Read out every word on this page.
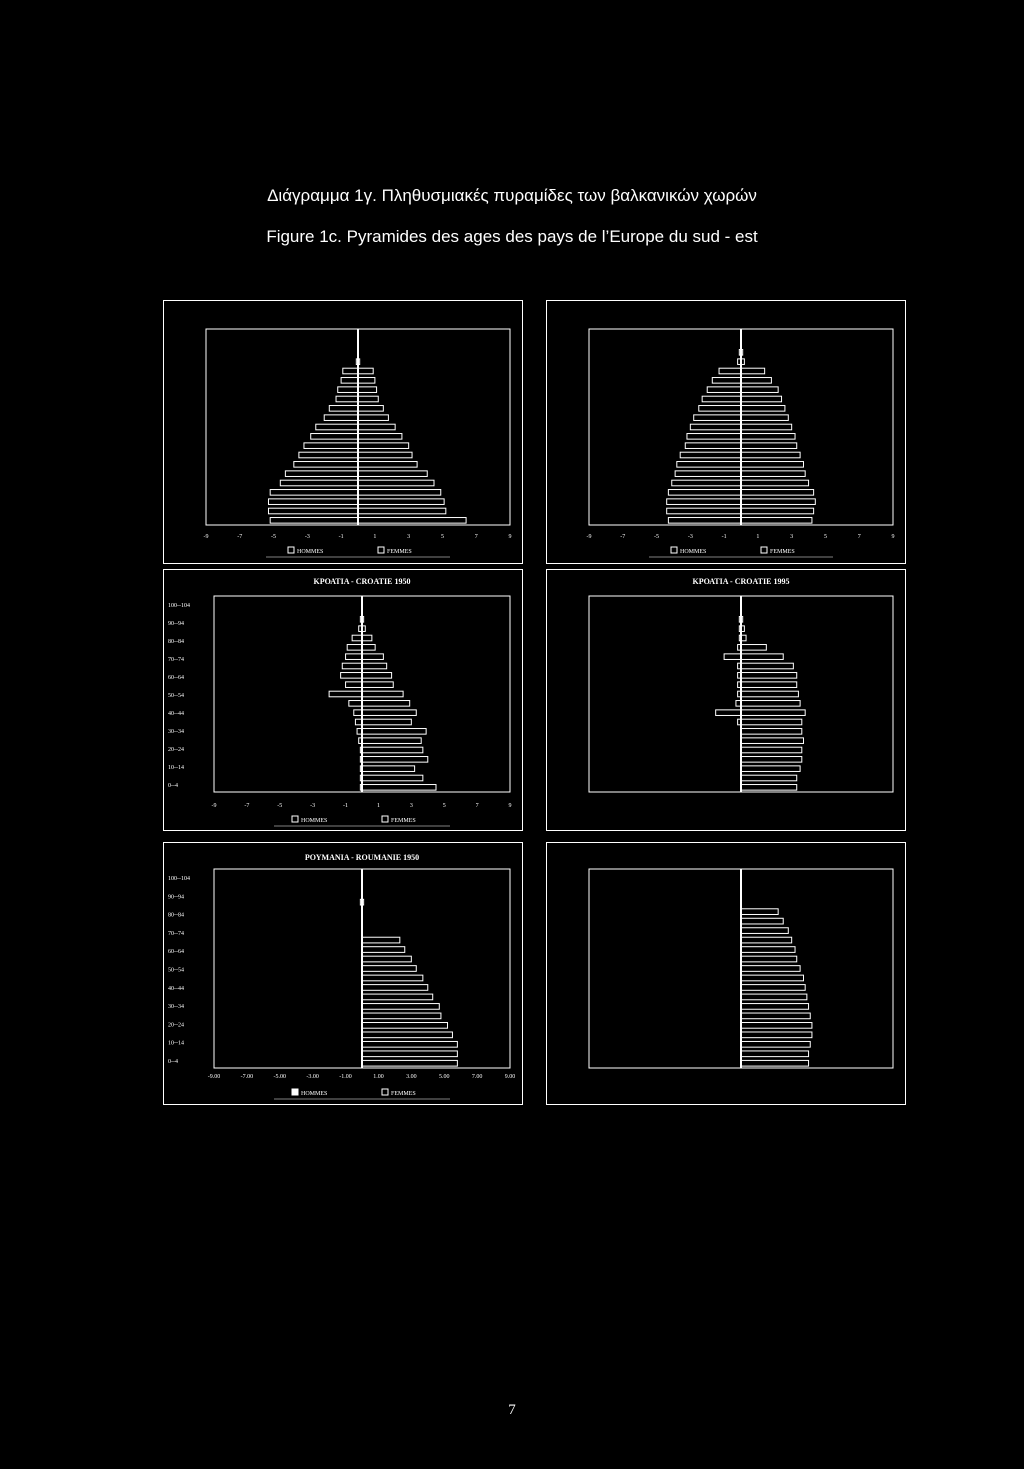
Διάγραμμα 1γ. Πληθυσμιακές πυραμίδες των βαλκανικών χωρών
Figure 1c. Pyramides des ages des pays de l’Europe du sud - est
-9	-7	-5	-3	-1	1	3	5	7	9
HOMMES	FEMMES
-9	-7	-5	-3	-1	1	3	5	7	9
HOMMES	FEMMES
ΚΡΟΑΤΙΑ - CROATIE 1950
100--104
90--94
80--84
70--74
60--64
50--54
40--44
30--34
20--24
10--14
0--4
-9	-7	-5	-3	-1	1	3	5	7	9
HOMMES	FEMMES
ΚΡΟΑΤΙΑ - CROATIE 1995
ΡΟΥΜΑΝΙΑ - ROUMANIE 1950
100--104
90--94
80--84
70--74
60--64
50--54
40--44
30--34
20--24
10--14
0--4
-9.00	-7.00	-5.00	-3.00	-1.00	1.00	3.00	5.00	7.00	9.00
HOMMES	FEMMES
7
